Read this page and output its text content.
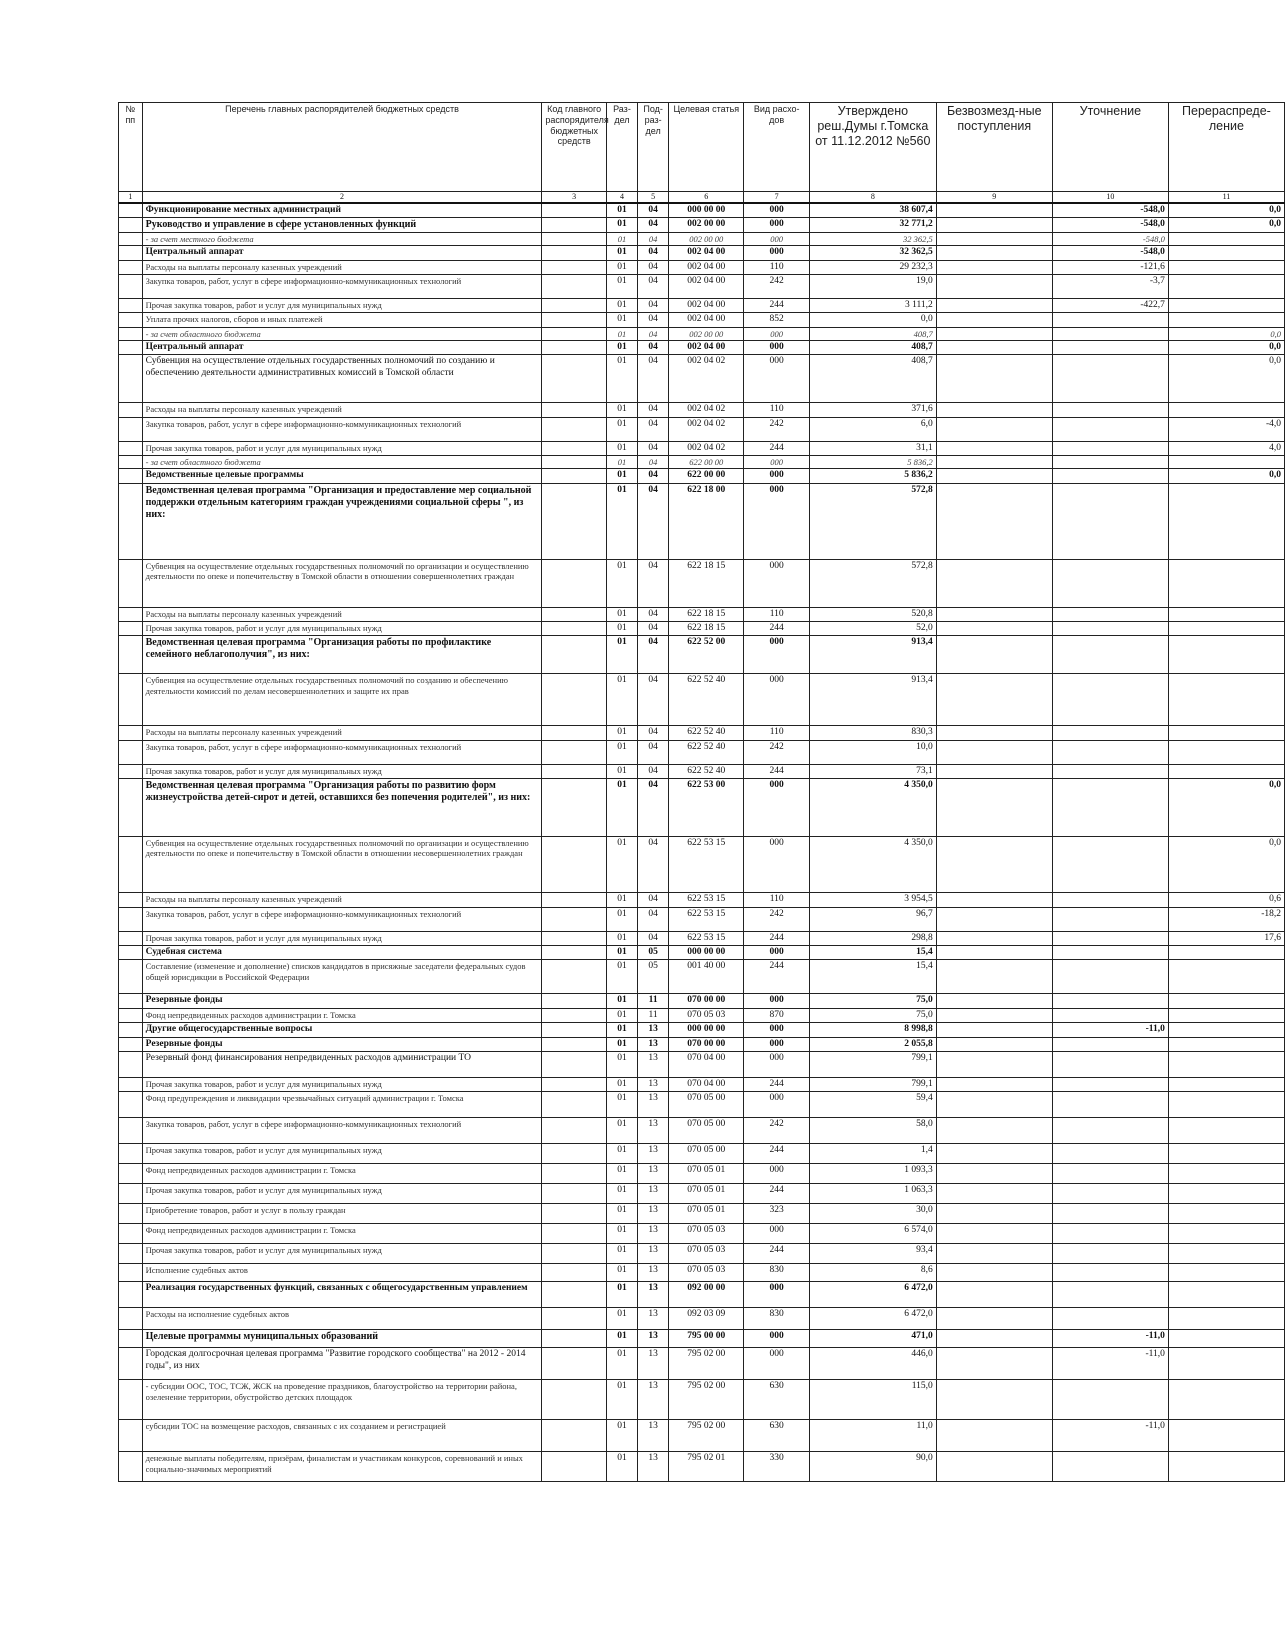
№ пп	Перечень главных распорядителей бюджетных средств	Код главного распорядителя бюджетных средств	Раз-дел	Под-раз-дел	Целевая статья	Вид расхо-дов	Утверждено реш.Думы г.Томска от 11.12.2012 №560	Безвозмезд-ные поступления	Уточнение	Перераспреде-ление
1	2	3	4	5	6	7	8	9	10	11
	Функционирование местных администраций		01	04	000 00 00	000	38 607,4		-548,0	0,0
	Руководство и управление в сфере установленных функций		01	04	002 00 00	000	32 771,2		-548,0	0,0
	- за счет местного бюджета		01	04	002 00 00	000	32 362,5		-548,0	
	Центральный аппарат		01	04	002 04 00	000	32 362,5		-548,0	
	Расходы на выплаты персоналу казенных учреждений		01	04	002 04 00	110	29 232,3		-121,6	
	Закупка товаров, работ, услуг в сфере информационно-коммуникационных технологий		01	04	002 04 00	242	19,0		-3,7	
	Прочая закупка товаров, работ и услуг для муниципальных нужд		01	04	002 04 00	244	3 111,2		-422,7	
	Уплата прочих налогов, сборов и иных платежей		01	04	002 04 00	852	0,0			
	- за счет областного бюджета		01	04	002 00 00	000	408,7			0,0
	Центральный аппарат		01	04	002 04 00	000	408,7			0,0
	Субвенция на осуществление отдельных государственных полномочий по созданию и обеспечению деятельности административных комиссий в Томской области		01	04	002 04 02	000	408,7			0,0
	Расходы на выплаты персоналу казенных учреждений		01	04	002 04 02	110	371,6			
	Закупка товаров, работ, услуг в сфере информационно-коммуникационных технологий		01	04	002 04 02	242	6,0			-4,0
	Прочая закупка товаров, работ и услуг для муниципальных нужд		01	04	002 04 02	244	31,1			4,0
	- за счет областного бюджета		01	04	622 00 00	000	5 836,2			
	Ведомственные целевые программы		01	04	622 00 00	000	5 836,2			0,0
	Ведомственная целевая программа "Организация и предоставление мер социальной поддержки отдельным категориям граждан учреждениями социальной сферы ", из них:		01	04	622 18 00	000	572,8			
	Субвенция на осуществление отдельных государственных полномочий по организации и осуществлению деятельности по опеке и попечительству в Томской области в отношении совершеннолетних граждан		01	04	622 18 15	000	572,8			
	Расходы на выплаты персоналу казенных учреждений		01	04	622 18 15	110	520,8			
	Прочая закупка товаров, работ и услуг для муниципальных нужд		01	04	622 18 15	244	52,0			
	Ведомственная целевая программа "Организация работы по профилактике семейного неблагополучия", из них:		01	04	622 52 00	000	913,4			
	Субвенция на осуществление отдельных государственных полномочий по созданию и обеспечению деятельности комиссий по делам несовершеннолетних и защите их прав		01	04	622 52 40	000	913,4			
	Расходы на выплаты персоналу казенных учреждений		01	04	622 52 40	110	830,3			
	Закупка товаров, работ, услуг в сфере информационно-коммуникационных технологий		01	04	622 52 40	242	10,0			
	Прочая закупка товаров, работ и услуг для муниципальных нужд		01	04	622 52 40	244	73,1			
	Ведомственная целевая программа "Организация работы по развитию форм жизнеустройства детей-сирот и детей, оставшихся без попечения родителей", из них:		01	04	622 53 00	000	4 350,0			0,0
	Субвенция на осуществление отдельных государственных полномочий по организации и осуществлению деятельности по опеке и попечительству в Томской области в отношении несовершеннолетних граждан		01	04	622 53 15	000	4 350,0			0,0
	Расходы на выплаты персоналу казенных учреждений		01	04	622 53 15	110	3 954,5			0,6
	Закупка товаров, работ, услуг в сфере информационно-коммуникационных технологий		01	04	622 53 15	242	96,7			-18,2
	Прочая закупка товаров, работ и услуг для муниципальных нужд		01	04	622 53 15	244	298,8			17,6
	Судебная система		01	05	000 00 00	000	15,4			
	Составление (изменение и дополнение) списков кандидатов в присяжные заседатели федеральных судов общей юрисдикции в Российской Федерации		01	05	001 40 00	244	15,4			
	Резервные фонды		01	11	070 00 00	000	75,0			
	Фонд непредвиденных расходов администрации г. Томска		01	11	070 05 03	870	75,0			
	Другие общегосударственные вопросы		01	13	000 00 00	000	8 998,8		-11,0	
	Резервные фонды		01	13	070 00 00	000	2 055,8			
	Резервный фонд финансирования непредвиденных расходов администрации ТО		01	13	070 04 00	000	799,1			
	Прочая закупка товаров, работ и услуг для муниципальных нужд		01	13	070 04 00	244	799,1			
	Фонд предупреждения и ликвидации чрезвычайных ситуаций администрации г. Томска		01	13	070 05 00	000	59,4			
	Закупка товаров, работ, услуг в сфере информационно-коммуникационных технологий		01	13	070 05 00	242	58,0			
	Прочая закупка товаров, работ и услуг для муниципальных нужд		01	13	070 05 00	244	1,4			
	Фонд непредвиденных расходов администрации г. Томска		01	13	070 05 01	000	1 093,3			
	Прочая закупка товаров, работ и услуг для муниципальных нужд		01	13	070 05 01	244	1 063,3			
	Приобретение товаров, работ и услуг в пользу граждан		01	13	070 05 01	323	30,0			
	Фонд непредвиденных расходов администрации г. Томска		01	13	070 05 03	000	6 574,0			
	Прочая закупка товаров, работ и услуг для муниципальных нужд		01	13	070 05 03	244	93,4			
	Исполнение судебных актов		01	13	070 05 03	830	8,6			
	Реализация государственных функций, связанных с общегосударственным управлением		01	13	092 00 00	000	6 472,0			
	Расходы на исполнение судебных актов		01	13	092 03 09	830	6 472,0			
	Целевые программы муниципальных образований		01	13	795 00 00	000	471,0		-11,0	
	Городская долгосрочная целевая программа "Развитие городского сообщества" на 2012 - 2014 годы", из них		01	13	795 02 00	000	446,0		-11,0	
	- субсидии ООС, ТОС, ТСЖ, ЖСК на проведение праздников, благоустройство на территории района, озеленение территории, обустройство детских площадок		01	13	795 02 00	630	115,0			
	субсидии ТОС на возмещение расходов, связанных с их созданием и регистрацией		01	13	795 02 00	630	11,0		-11,0	
	денежные выплаты победителям, призёрам, финалистам и участникам конкурсов, соревнований и иных социально-значимых мероприятий		01	13	795 02 01	330	90,0			
